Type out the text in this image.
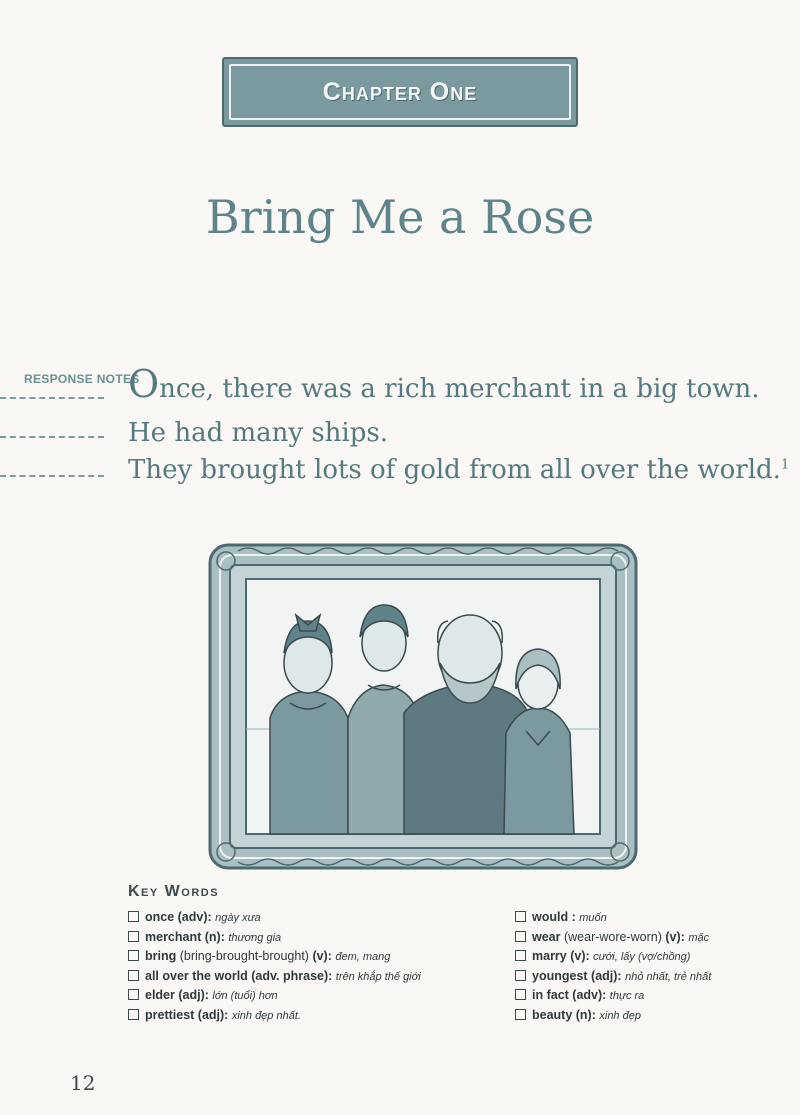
Chapter One
Bring Me a Rose
RESPONSE NOTES
Once, there was a rich merchant in a big town.
He had many ships.
They brought lots of gold from all over the world.$^1$
Key Words
once (adv): ngày xưa
merchant (n): thương gia
bring (bring-brought-brought) (v): đem, mang
all over the world (adv. phrase): trên khắp thế giới
elder (adj): lớn (tuổi) hơn
prettiest (adj): xinh đẹp nhất.
would : muốn
wear (wear-wore-worn) (v): mặc
marry (v): cưới, lấy (vợ/chồng)
youngest (adj): nhỏ nhất, trẻ nhất
in fact (adv): thực ra
beauty (n): xinh đẹp
12
